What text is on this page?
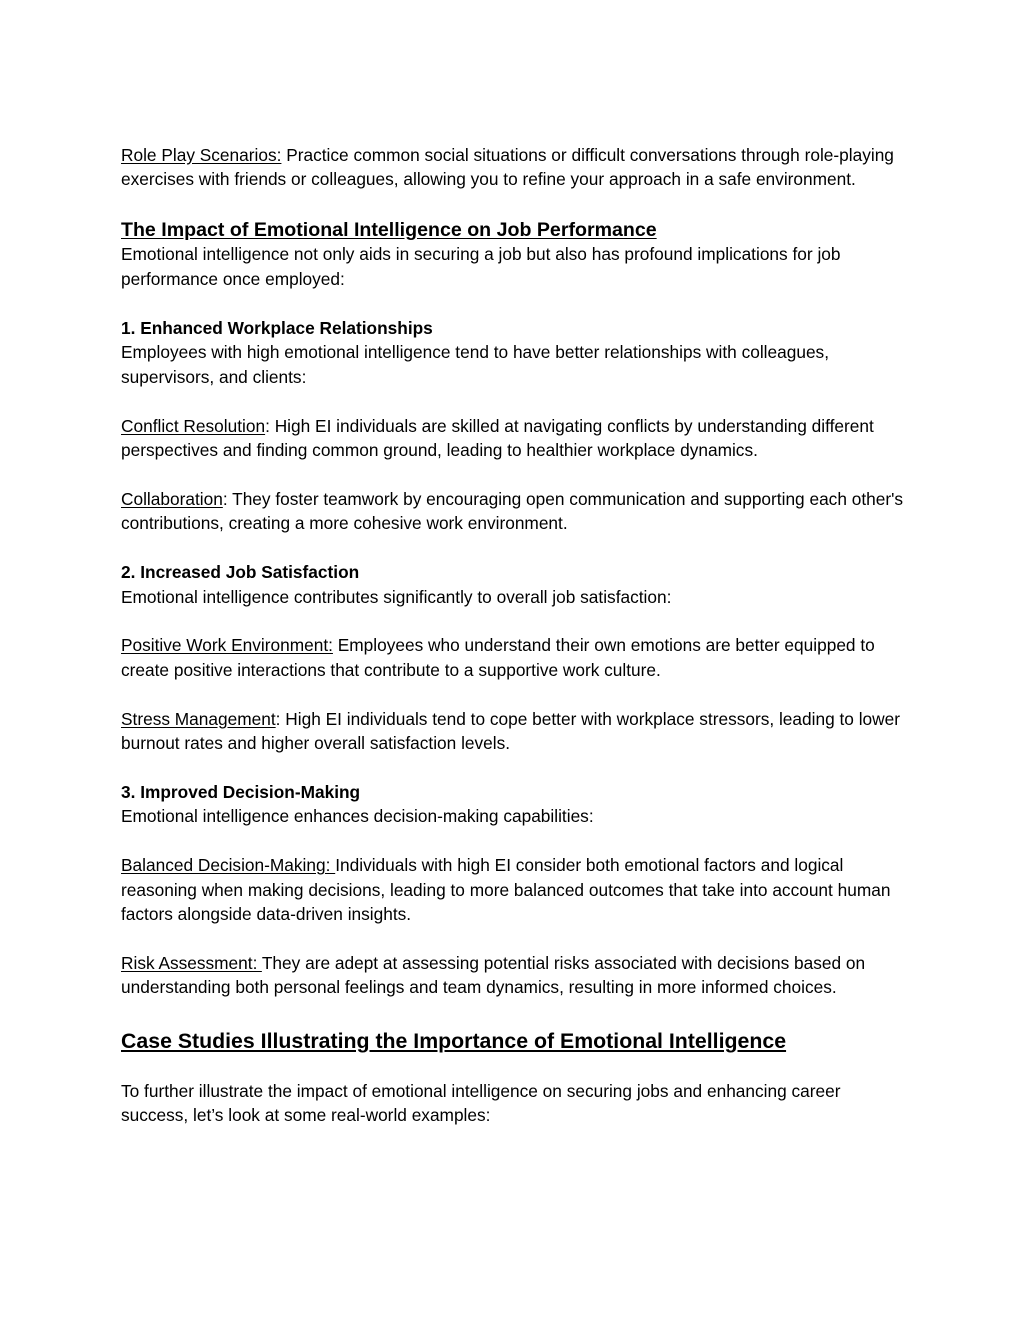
Role Play Scenarios: Practice common social situations or difficult conversations through role-playing exercises with friends or colleagues, allowing you to refine your approach in a safe environment.

The Impact of Emotional Intelligence on Job Performance

Emotional intelligence not only aids in securing a job but also has profound implications for job performance once employed:

1. Enhanced Workplace Relationships

Employees with high emotional intelligence tend to have better relationships with colleagues, supervisors, and clients:

Conflict Resolution: High EI individuals are skilled at navigating conflicts by understanding different perspectives and finding common ground, leading to healthier workplace dynamics.

Collaboration: They foster teamwork by encouraging open communication and supporting each other's contributions, creating a more cohesive work environment.

2. Increased Job Satisfaction

Emotional intelligence contributes significantly to overall job satisfaction:

Positive Work Environment: Employees who understand their own emotions are better equipped to create positive interactions that contribute to a supportive work culture.

Stress Management: High EI individuals tend to cope better with workplace stressors, leading to lower burnout rates and higher overall satisfaction levels.

3. Improved Decision-Making

Emotional intelligence enhances decision-making capabilities:

Balanced Decision-Making: Individuals with high EI consider both emotional factors and logical reasoning when making decisions, leading to more balanced outcomes that take into account human factors alongside data-driven insights.

Risk Assessment: They are adept at assessing potential risks associated with decisions based on understanding both personal feelings and team dynamics, resulting in more informed choices.

Case Studies Illustrating the Importance of Emotional Intelligence

To further illustrate the impact of emotional intelligence on securing jobs and enhancing career success, let’s look at some real-world examples:
